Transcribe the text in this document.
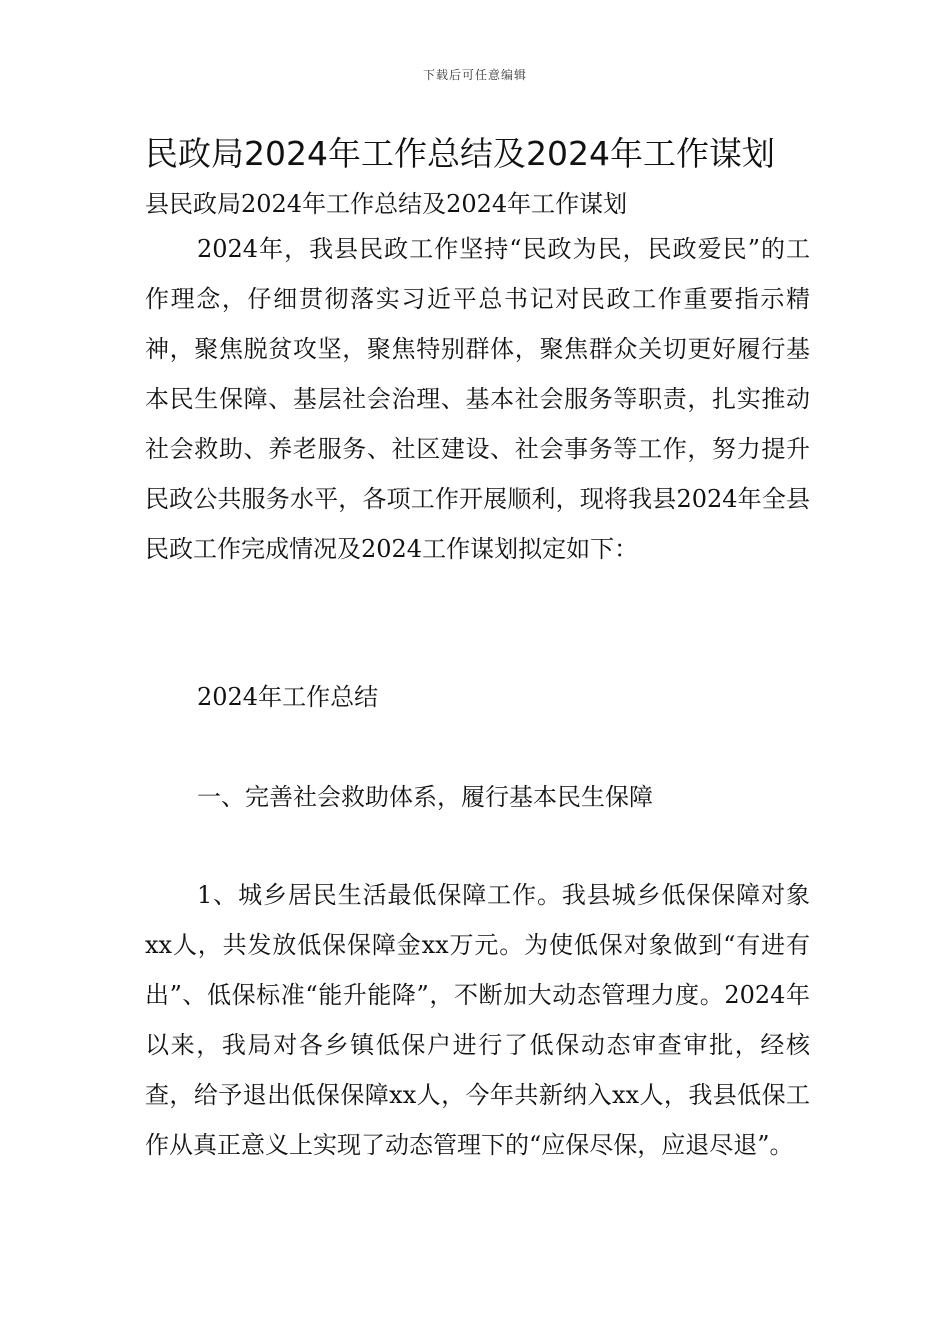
下载后可任意编辑
民政局2024年工作总结及2024年工作谋划
县民政局2024年工作总结及2024年工作谋划

2024年，我县民政工作坚持“民政为民，民政爱民”的工作理念，仔细贯彻落实习近平总书记对民政工作重要指示精神，聚焦脱贫攻坚，聚焦特别群体，聚焦群众关切更好履行基本民生保障、基层社会治理、基本社会服务等职责，扎实推动社会救助、养老服务、社区建设、社会事务等工作，努力提升民政公共服务水平，各项工作开展顺利，现将我县2024年全县民政工作完成情况及2024工作谋划拟定如下：

2024年工作总结

一、完善社会救助体系，履行基本民生保障

1、城乡居民生活最低保障工作。我县城乡低保保障对象xx人，共发放低保保障金xx万元。为使低保对象做到“有进有出”、低保标准“能升能降”，不断加大动态管理力度。2024年以来，我局对各乡镇低保户进行了低保动态审查审批，经核查，给予退出低保保障xx人，今年共新纳入xx人，我县低保工作从真正意义上实现了动态管理下的“应保尽保，应退尽退”。
